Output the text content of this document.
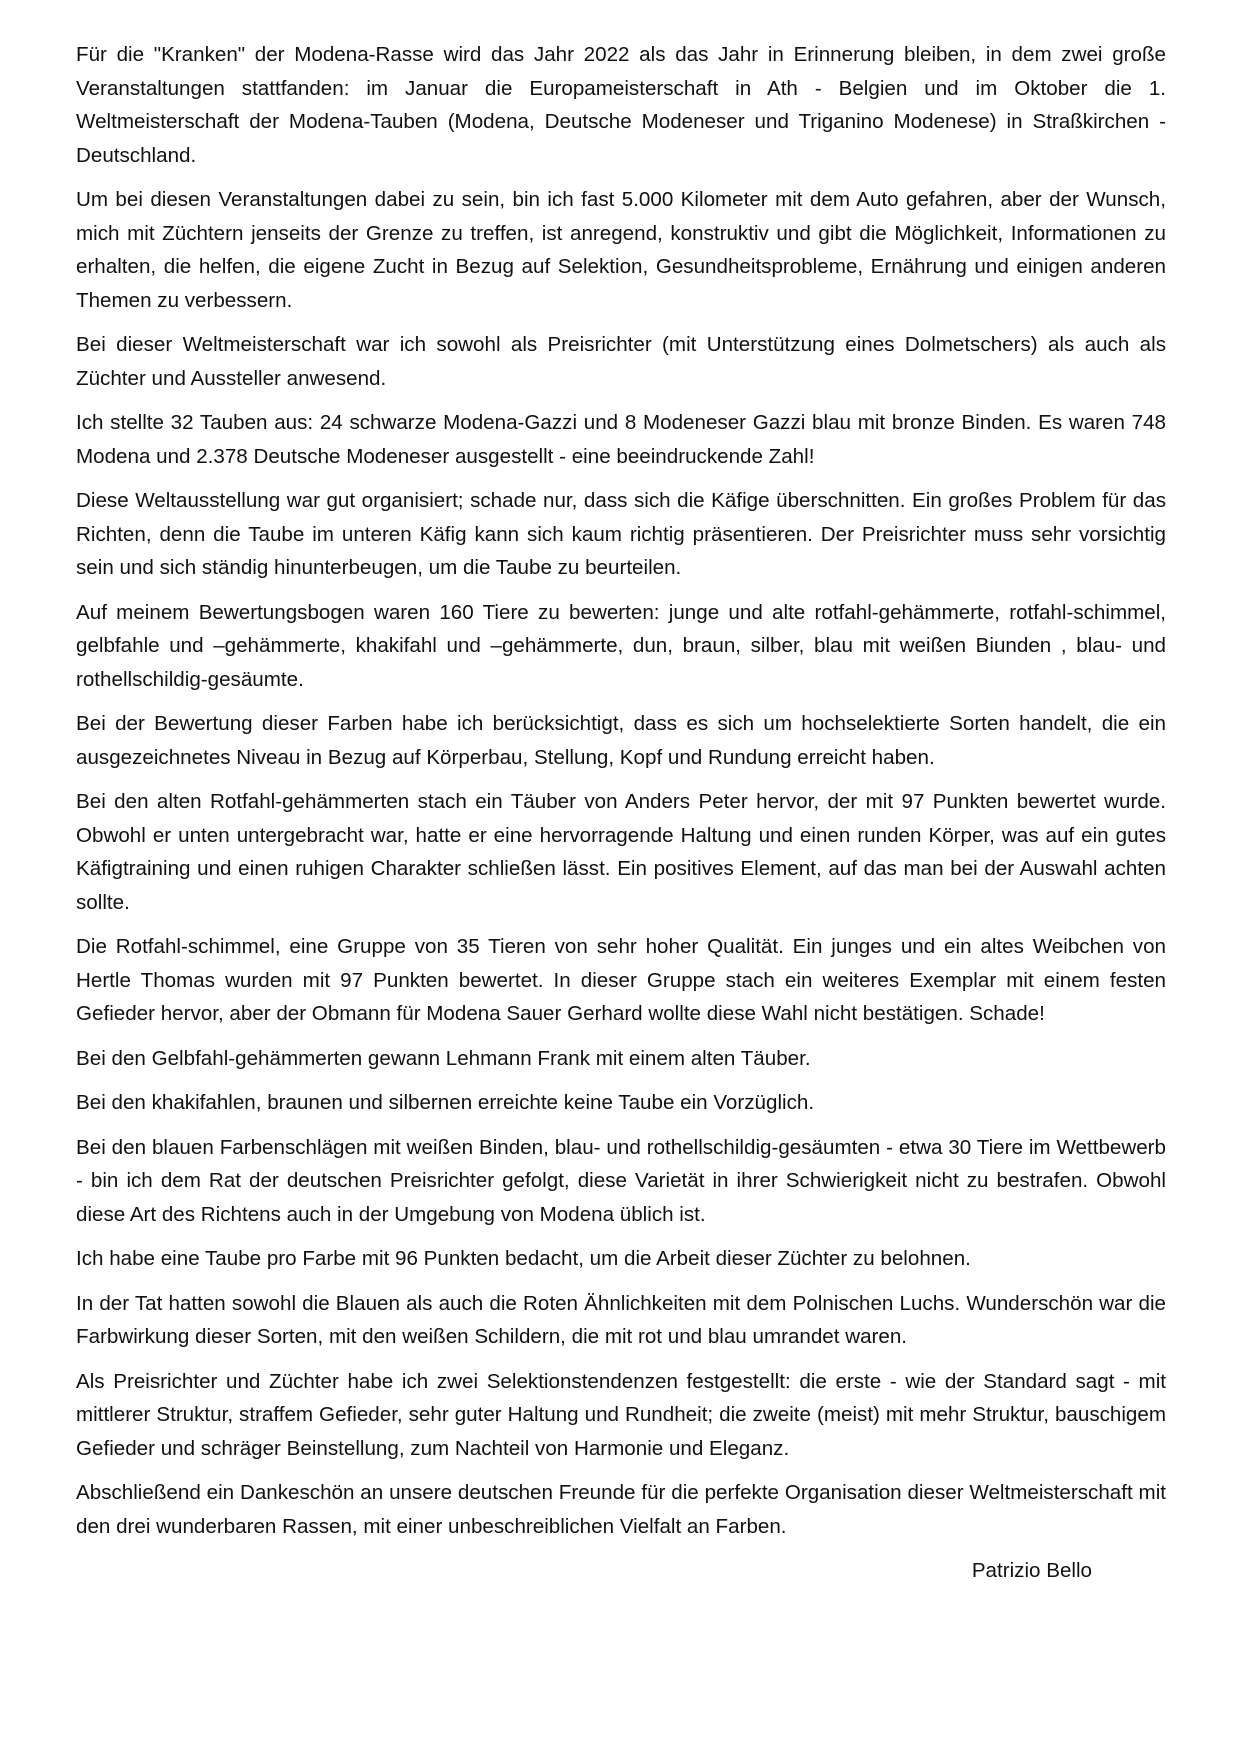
Für die "Kranken" der Modena-Rasse wird das Jahr 2022 als das Jahr in Erinnerung bleiben, in dem zwei große Veranstaltungen stattfanden: im Januar die Europameisterschaft in Ath - Belgien und im Oktober die 1. Weltmeisterschaft der Modena-Tauben (Modena, Deutsche Modeneser und Triganino Modenese) in Straßkirchen - Deutschland.

Um bei diesen Veranstaltungen dabei zu sein, bin ich fast 5.000 Kilometer mit dem Auto gefahren, aber der Wunsch, mich mit Züchtern jenseits der Grenze zu treffen, ist anregend, konstruktiv und gibt die Möglichkeit, Informationen zu erhalten, die helfen, die eigene Zucht in Bezug auf Selektion, Gesundheitsprobleme, Ernährung und einigen anderen Themen zu verbessern.

Bei dieser Weltmeisterschaft war ich sowohl als Preisrichter (mit Unterstützung eines Dolmetschers) als auch als Züchter und Aussteller anwesend.

Ich stellte 32 Tauben aus: 24 schwarze Modena-Gazzi und 8 Modeneser Gazzi blau mit bronze Binden. Es waren 748 Modena und 2.378 Deutsche Modeneser ausgestellt - eine beeindruckende Zahl!

Diese Weltausstellung war gut organisiert; schade nur, dass sich die Käfige überschnitten. Ein großes Problem für das Richten, denn die Taube im unteren Käfig kann sich kaum richtig präsentieren. Der Preisrichter muss sehr vorsichtig sein und sich ständig hinunterbeugen, um die Taube zu beurteilen.

Auf meinem Bewertungsbogen waren 160 Tiere zu bewerten: junge und alte rotfahl-gehämmerte, rotfahl-schimmel, gelbfahle und –gehämmerte, khakifahl und –gehämmerte, dun, braun, silber, blau mit weißen Biunden , blau- und rothellschildig-gesäumte.

Bei der Bewertung dieser Farben habe ich berücksichtigt, dass es sich um hochselektierte Sorten handelt, die ein ausgezeichnetes Niveau in Bezug auf Körperbau, Stellung, Kopf und Rundung erreicht haben.

Bei den alten Rotfahl-gehämmerten stach ein Täuber von Anders Peter hervor, der mit 97 Punkten bewertet wurde. Obwohl er unten untergebracht war, hatte er eine hervorragende Haltung und einen runden Körper, was auf ein gutes Käfigtraining und einen ruhigen Charakter schließen lässt. Ein positives Element, auf das man bei der Auswahl achten sollte.

Die Rotfahl-schimmel, eine Gruppe von 35 Tieren von sehr hoher Qualität. Ein junges und ein altes Weibchen von Hertle Thomas wurden mit 97 Punkten bewertet. In dieser Gruppe stach ein weiteres Exemplar mit einem festen Gefieder hervor, aber der Obmann für Modena Sauer Gerhard wollte diese Wahl nicht bestätigen. Schade!

Bei den Gelbfahl-gehämmerten gewann Lehmann Frank mit einem alten Täuber.

Bei den khakifahlen, braunen und silbernen erreichte keine Taube ein Vorzüglich.

Bei den blauen Farbenschlägen mit weißen Binden, blau- und rothellschildig-gesäumten - etwa 30 Tiere im Wettbewerb - bin ich dem Rat der deutschen Preisrichter gefolgt, diese Varietät in ihrer Schwierigkeit nicht zu bestrafen. Obwohl diese Art des Richtens auch in der Umgebung von Modena üblich ist.

Ich habe eine Taube pro Farbe mit 96 Punkten bedacht, um die Arbeit dieser Züchter zu belohnen.

In der Tat hatten sowohl die Blauen als auch die Roten Ähnlichkeiten mit dem Polnischen Luchs. Wunderschön war die Farbwirkung dieser Sorten, mit den weißen Schildern, die mit rot und blau umrandet waren.

Als Preisrichter und Züchter habe ich zwei Selektionstendenzen festgestellt: die erste - wie der Standard sagt - mit mittlerer Struktur, straffem Gefieder, sehr guter Haltung und Rundheit; die zweite (meist) mit mehr Struktur, bauschigem Gefieder und schräger Beinstellung, zum Nachteil von Harmonie und Eleganz.

Abschließend ein Dankeschön an unsere deutschen Freunde für die perfekte Organisation dieser Weltmeisterschaft mit den drei wunderbaren Rassen, mit einer unbeschreiblichen Vielfalt an Farben.

Patrizio Bello
